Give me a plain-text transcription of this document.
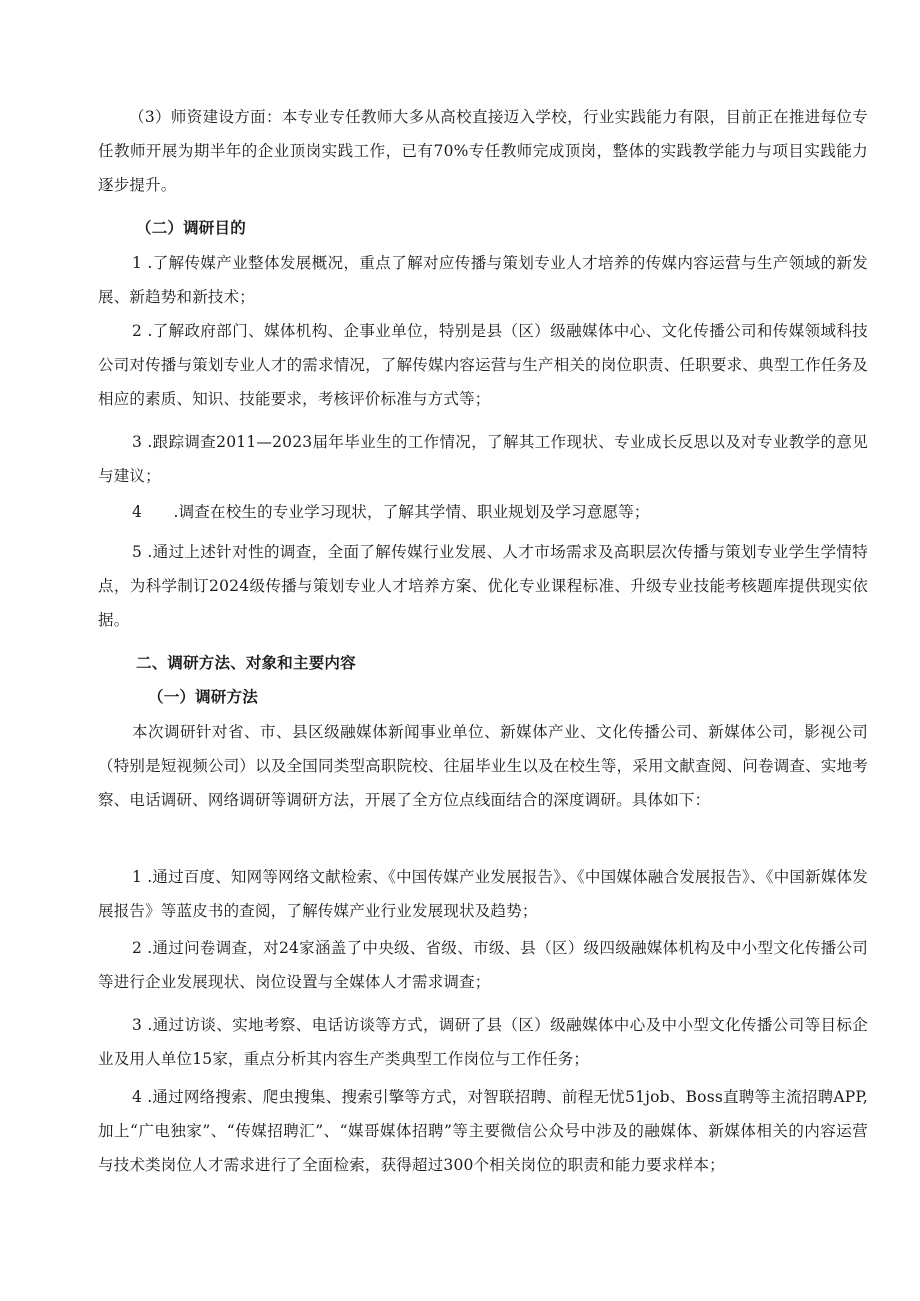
（3）师资建设方面：本专业专任教师大多从高校直接迈入学校，行业实践能力有限，目前正在推进每位专任教师开展为期半年的企业顶岗实践工作，已有70%专任教师完成顶岗，整体的实践教学能力与项目实践能力逐步提升。

（二）调研目的

1 .了解传媒产业整体发展概况，重点了解对应传播与策划专业人才培养的传媒内容运营与生产领域的新发展、新趋势和新技术；

2 .了解政府部门、媒体机构、企事业单位，特别是县（区）级融媒体中心、文化传播公司和传媒领域科技公司对传播与策划专业人才的需求情况，了解传媒内容运营与生产相关的岗位职责、任职要求、典型工作任务及相应的素质、知识、技能要求，考核评价标准与方式等；

3 .跟踪调查2011—2023届年毕业生的工作情况，了解其工作现状、专业成长反思以及对专业教学的意见与建议；

4　　.调查在校生的专业学习现状，了解其学情、职业规划及学习意愿等；

5 .通过上述针对性的调查，全面了解传媒行业发展、人才市场需求及高职层次传播与策划专业学生学情特点，为科学制订2024级传播与策划专业人才培养方案、优化专业课程标准、升级专业技能考核题库提供现实依据。

二、调研方法、对象和主要内容

（一）调研方法

本次调研针对省、市、县区级融媒体新闻事业单位、新媒体产业、文化传播公司、新媒体公司，影视公司（特别是短视频公司）以及全国同类型高职院校、往届毕业生以及在校生等，采用文献查阅、问卷调查、实地考察、电话调研、网络调研等调研方法，开展了全方位点线面结合的深度调研。具体如下：

1 .通过百度、知网等网络文献检索、《中国传媒产业发展报告》、《中国媒体融合发展报告》、《中国新媒体发展报告》等蓝皮书的查阅，了解传媒产业行业发展现状及趋势；

2 .通过问卷调查，对24家涵盖了中央级、省级、市级、县（区）级四级融媒体机构及中小型文化传播公司等进行企业发展现状、岗位设置与全媒体人才需求调查；

3 .通过访谈、实地考察、电话访谈等方式，调研了县（区）级融媒体中心及中小型文化传播公司等目标企业及用人单位15家，重点分析其内容生产类典型工作岗位与工作任务；

4 .通过网络搜索、爬虫搜集、搜索引擎等方式，对智联招聘、前程无忧51job、Boss直聘等主流招聘APP,加上“广电独家”、“传媒招聘汇”、“媒哥媒体招聘”等主要微信公众号中涉及的融媒体、新媒体相关的内容运营与技术类岗位人才需求进行了全面检索，获得超过300个相关岗位的职责和能力要求样本；
